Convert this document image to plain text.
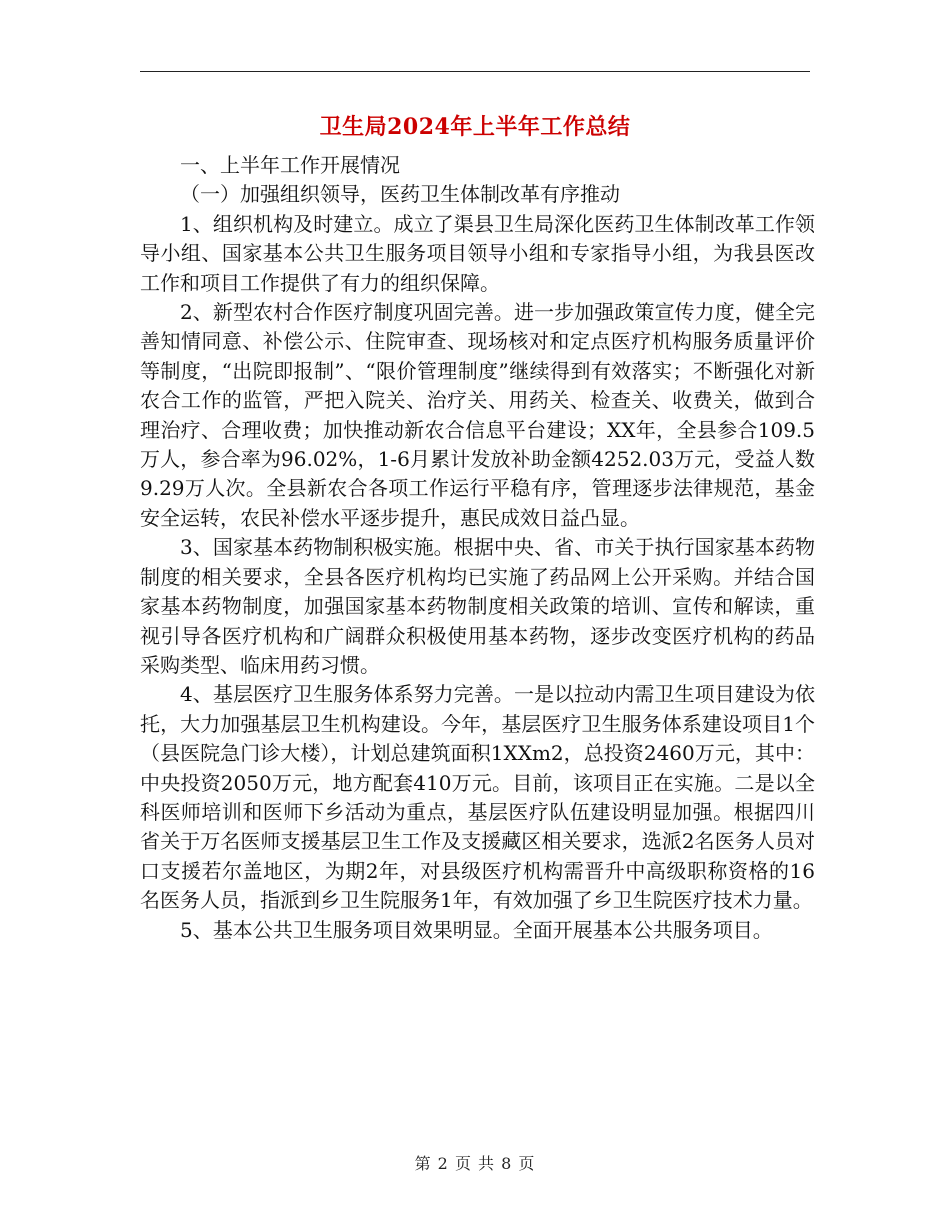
卫生局2024年上半年工作总结

一、上半年工作开展情况

（一）加强组织领导，医药卫生体制改革有序推动

1、组织机构及时建立。成立了渠县卫生局深化医药卫生体制改革工作领导小组、国家基本公共卫生服务项目领导小组和专家指导小组，为我县医改工作和项目工作提供了有力的组织保障。

2、新型农村合作医疗制度巩固完善。进一步加强政策宣传力度，健全完善知情同意、补偿公示、住院审查、现场核对和定点医疗机构服务质量评价等制度，“出院即报制”、“限价管理制度”继续得到有效落实；不断强化对新农合工作的监管，严把入院关、治疗关、用药关、检查关、收费关，做到合理治疗、合理收费；加快推动新农合信息平台建设；XX年，全县参合109.5万人，参合率为96.02%，1-6月累计发放补助金额4252.03万元，受益人数9.29万人次。全县新农合各项工作运行平稳有序，管理逐步法律规范，基金安全运转，农民补偿水平逐步提升，惠民成效日益凸显。

3、国家基本药物制积极实施。根据中央、省、市关于执行国家基本药物制度的相关要求，全县各医疗机构均已实施了药品网上公开采购。并结合国家基本药物制度，加强国家基本药物制度相关政策的培训、宣传和解读，重视引导各医疗机构和广阔群众积极使用基本药物，逐步改变医疗机构的药品采购类型、临床用药习惯。

4、基层医疗卫生服务体系努力完善。一是以拉动内需卫生项目建设为依托，大力加强基层卫生机构建设。今年，基层医疗卫生服务体系建设项目1个（县医院急门诊大楼），计划总建筑面积1XXm2，总投资2460万元，其中：中央投资2050万元，地方配套410万元。目前，该项目正在实施。二是以全科医师培训和医师下乡活动为重点，基层医疗队伍建设明显加强。根据四川省关于万名医师支援基层卫生工作及支援藏区相关要求，选派2名医务人员对口支援若尔盖地区，为期2年，对县级医疗机构需晋升中高级职称资格的16名医务人员，指派到乡卫生院服务1年，有效加强了乡卫生院医疗技术力量。

5、基本公共卫生服务项目效果明显。全面开展基本公共服务项目。

第 2 页 共 8 页
